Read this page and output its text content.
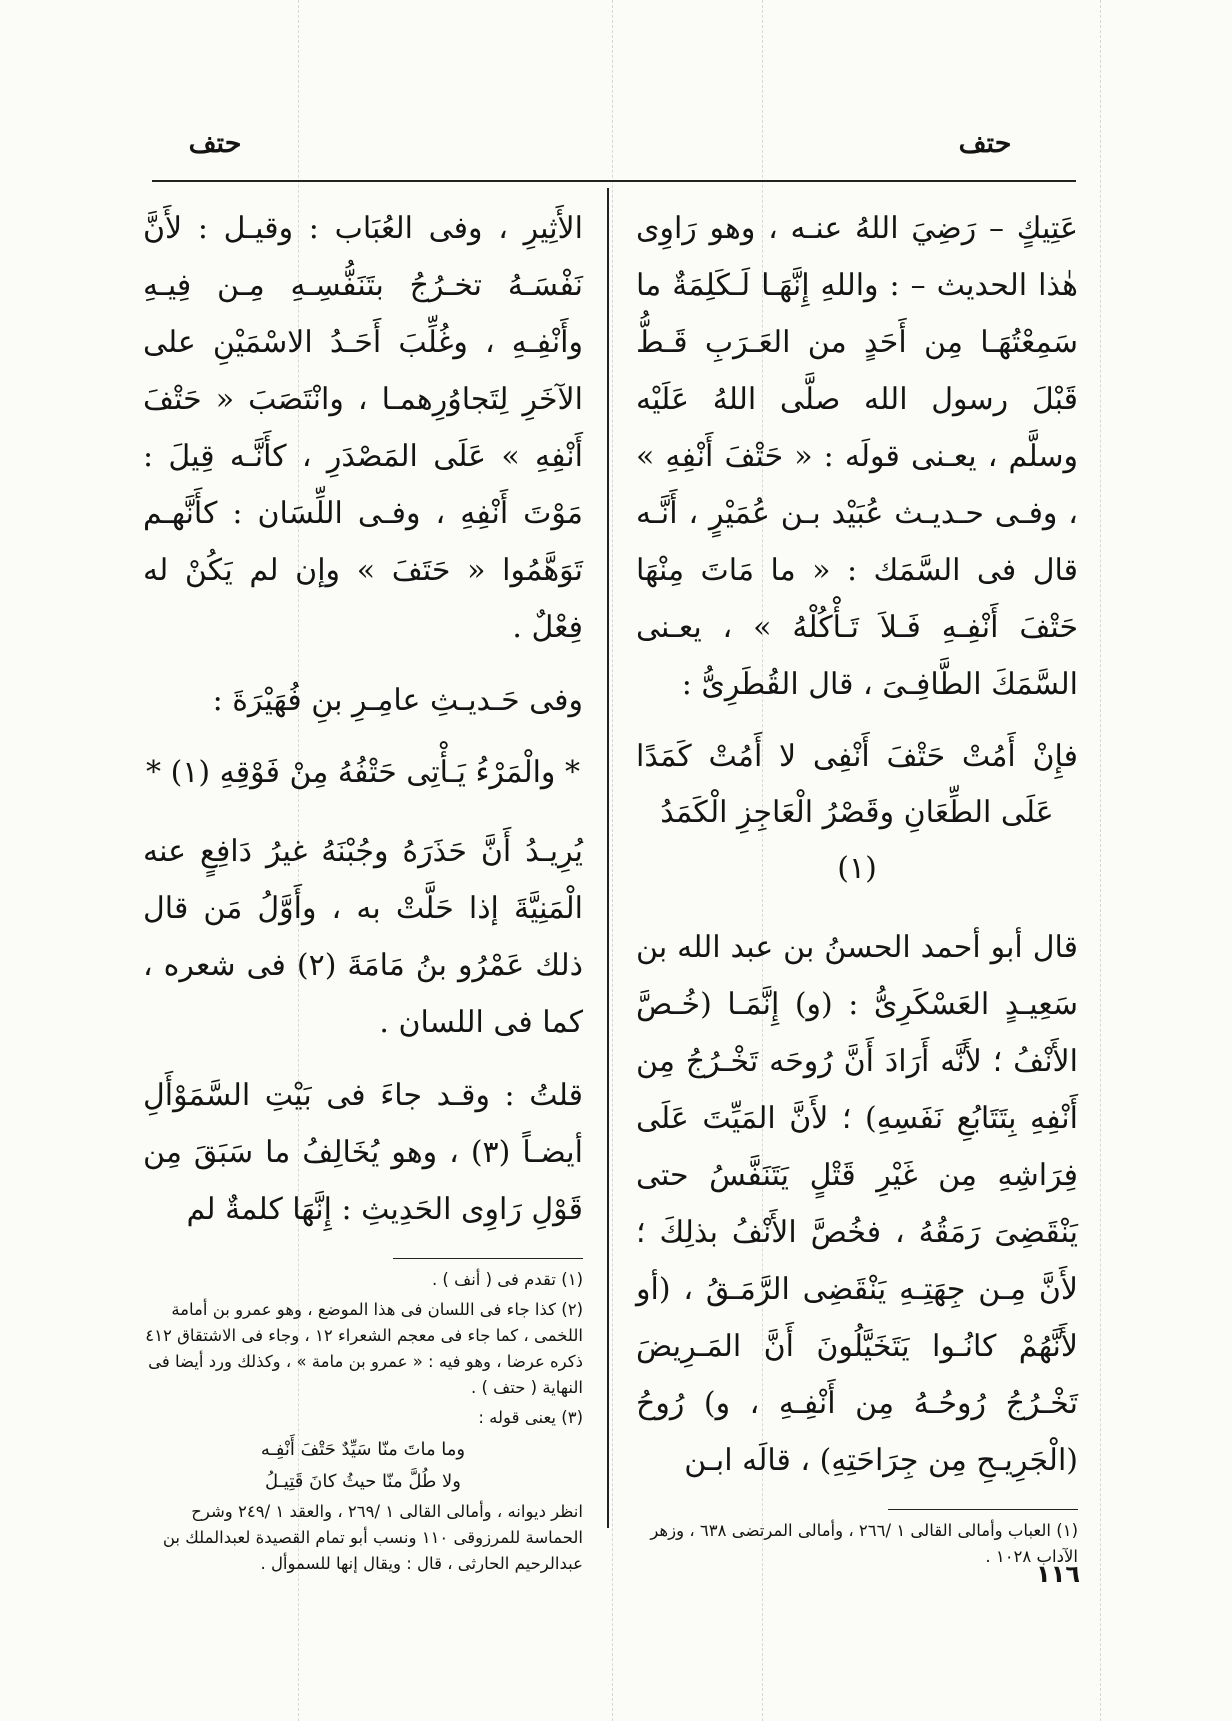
حتف
حتف

عَتِيكٍ – رَضِيَ اللهُ عنـه ، وهو رَاوِى هٰذا الحديث – : واللهِ إِنَّهَـا لَـكَلِمَةٌ ما سَمِعْتُهَـا مِن أَحَدٍ من العَـرَبِ قَـطُّ قَبْلَ رسول الله صلَّى اللهُ عَلَيْه وسلَّم ، يعـنى قولَه : « حَتْفَ أَنْفِهِ » ، وفـى حـديـث عُبَيْد بـن عُمَيْرٍ ، أَنَّـه قال فى السَّمَك : « ما مَاتَ مِنْهَا حَتْفَ أَنْفِـهِ فَـلاَ تَـأْكُلْهُ » ، يعـنى السَّمَكَ الطَّافِـىَ ، قال القُطَرِىُّ :

فإِنْ أَمُتْ حَتْفَ أَنْفِى لا أَمُتْ كَمَدًا
عَلَى الطِّعَانِ وقَصْرُ الْعَاجِزِ الْكَمَدُ (١)

قال أبو أحمد الحسنُ بن عبد الله بن سَعِيـدٍ العَسْكَرِىُّ : (و) إِنَّمَـا (خُـصَّ الأَنْفُ ؛ لأَنَّه أَرَادَ أَنَّ رُوحَه تَخْـرُجُ مِن أَنْفِهِ بِتَتَابُعِ نَفَسِهِ) ؛ لأَنَّ المَيِّتَ عَلَى فِرَاشِهِ مِن غَيْرِ قَتْلٍ يَتَنَفَّسُ حتى يَنْقَضِىَ رَمَقُهُ ، فخُصَّ الأَنْفُ بذلِكَ ؛ لأَنَّ مِـن جِهَتِـهِ يَنْقَضِى الرَّمَـقُ ، (أو لأَنَّهُمْ كانُـوا يَتَخَيَّلُونَ أَنَّ المَـرِيضَ تَخْـرُجُ رُوحُـهُ مِن أَنْفِـهِ ، و) رُوحُ (الْجَرِيـحِ مِن جِرَاحَتِهِ) ، قالَه ابـن

(١) العباب وأمالى القالى ١ /٢٦٦ ، وأمالى المرتضى ٦٣٨ ، وزهر الآداب ١٠٢٨ .

الأَثِيرِ ، وفى العُبَاب : وقيـل : لأَنَّ نَفْسَـهُ تخـرُجُ بتَنَفُّسِـهِ مِـن فِيـهِ وأَنْفِـهِ ، وغُلِّبَ أَحَـدُ الاسْمَيْنِ على الآخَرِ لِتَجاوُرِهمـا ، وانْتَصَبَ « حَتْفَ أَنْفِهِ » عَلَى المَصْدَرِ ، كأَنَّـه قِيلَ : مَوْتَ أَنْفِهِ ، وفـى اللِّسَان : كأَنَّهـم تَوَهَّمُوا « حَتَفَ » وإن لم يَكُنْ له فِعْلٌ .

وفى حَـديـثِ عامِـرِ بنِ فُهَيْرَةَ :

* والْمَرْءُ يَـأْتِى حَتْفُهُ مِنْ فَوْقِهِ (١) *

يُرِيـدُ أَنَّ حَذَرَهُ وجُبْنَهُ غيرُ دَافِعٍ عنه الْمَنِيَّةَ إذا حَلَّتْ به ، وأَوَّلُ مَن قال ذلك عَمْرُو بنُ مَامَةَ (٢) فى شعره ، كما فى اللسان .

قلتُ : وقـد جاءَ فى بَيْتِ السَّمَوْأَلِ أيضـاً (٣) ، وهو يُخَالِفُ ما سَبَقَ مِن قَوْلِ رَاوِى الحَدِيثِ : إِنَّهَا كلمةٌ لم

(١) تقدم فى ( أنف ) .

(٢) كذا جاء فى اللسان فى هذا الموضع ، وهو عمرو بن أمامة اللخمى ، كما جاء فى معجم الشعراء ١٢ ، وجاء فى الاشتقاق ٤١٢ ذكره عرضا ، وهو فيه : « عمرو بن مامة » ، وكذلك ورد أيضا فى النهاية ( حتف ) .

(٣) يعنى قوله :

وما ماتَ منّا سَيِّدٌ حَتْفَ أَنْفِـه
ولا طُلَّ منّا حيثُ كانَ قَتِيـلُ

انظر ديوانه ، وأمالى القالى ١ /٢٦٩ ، والعقد ١ /٢٤٩ وشرح الحماسة للمرزوقى ١١٠ ونسب أبو تمام القصيدة لعبدالملك بن عبدالرحيم الحارثى ، قال : ويقال إنها للسموأل .	١١٦
